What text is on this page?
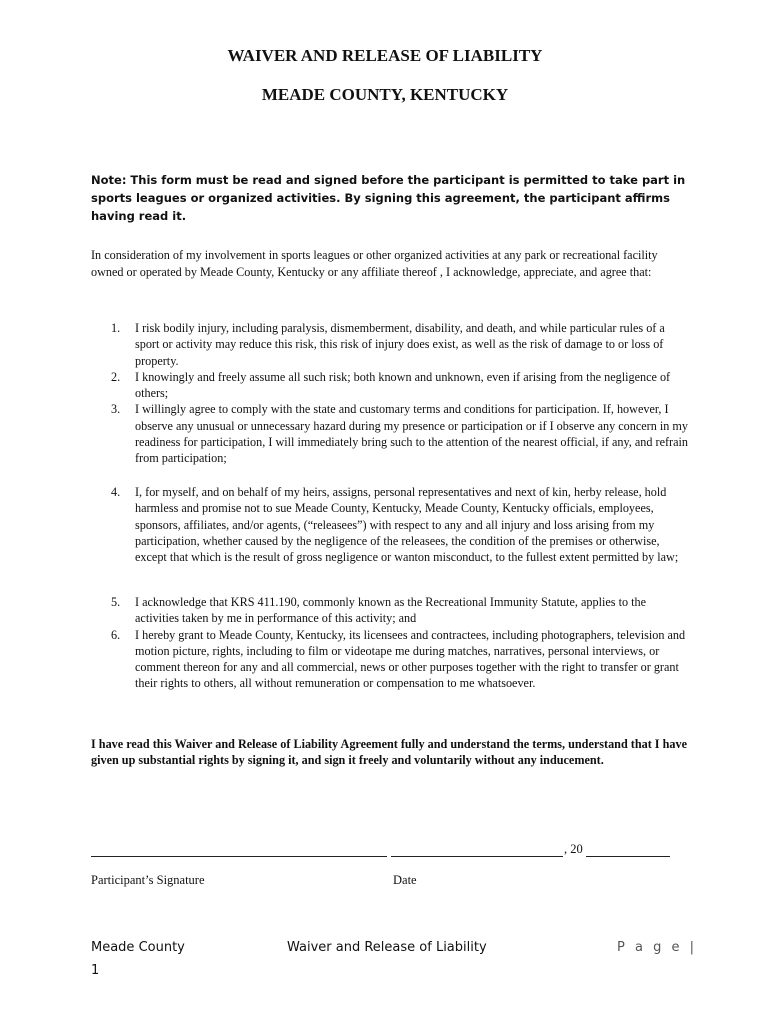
WAIVER AND RELEASE OF LIABILITY
MEADE COUNTY, KENTUCKY
Note: This form must be read and signed before the participant is permitted to take part in sports leagues or organized activities. By signing this agreement, the participant affirms having read it.
In consideration of my involvement in sports leagues or other organized activities at any park or recreational facility owned or operated by Meade County, Kentucky or any affiliate thereof , I acknowledge, appreciate, and agree that:
1. I risk bodily injury, including paralysis, dismemberment, disability, and death, and while particular rules of a sport or activity may reduce this risk, this risk of injury does exist, as well as the risk of damage to or loss of property.
2. I knowingly and freely assume all such risk; both known and unknown, even if arising from the negligence of others;
3. I willingly agree to comply with the state and customary terms and conditions for participation. If, however, I observe any unusual or unnecessary hazard during my presence or participation or if I observe any concern in my readiness for participation, I will immediately bring such to the attention of the nearest official, if any, and refrain from participation;
4. I, for myself, and on behalf of my heirs, assigns, personal representatives and next of kin, herby release, hold harmless and promise not to sue Meade County, Kentucky, Meade County, Kentucky officials, employees, sponsors, affiliates, and/or agents, (“releasees”) with respect to any and all injury and loss arising from my participation, whether caused by the negligence of the releasees, the condition of the premises or otherwise, except that which is the result of gross negligence or wanton misconduct, to the fullest extent permitted by law;
5. I acknowledge that KRS 411.190, commonly known as the Recreational Immunity Statute, applies to the activities taken by me in performance of this activity; and
6. I hereby grant to Meade County, Kentucky, its licensees and contractees, including photographers, television and motion picture, rights, including to film or videotape me during matches, narratives, personal interviews, or comment thereon for any and all commercial, news or other purposes together with the right to transfer or grant their rights to others, all without remuneration or compensation to me whatsoever.
I have read this Waiver and Release of Liability Agreement fully and understand the terms, understand that I have given up substantial rights by signing it, and sign it freely and voluntarily without any inducement.
, 20
Participant’s Signature	Date
Meade County	Waiver and Release of Liability	P a g e |
1
